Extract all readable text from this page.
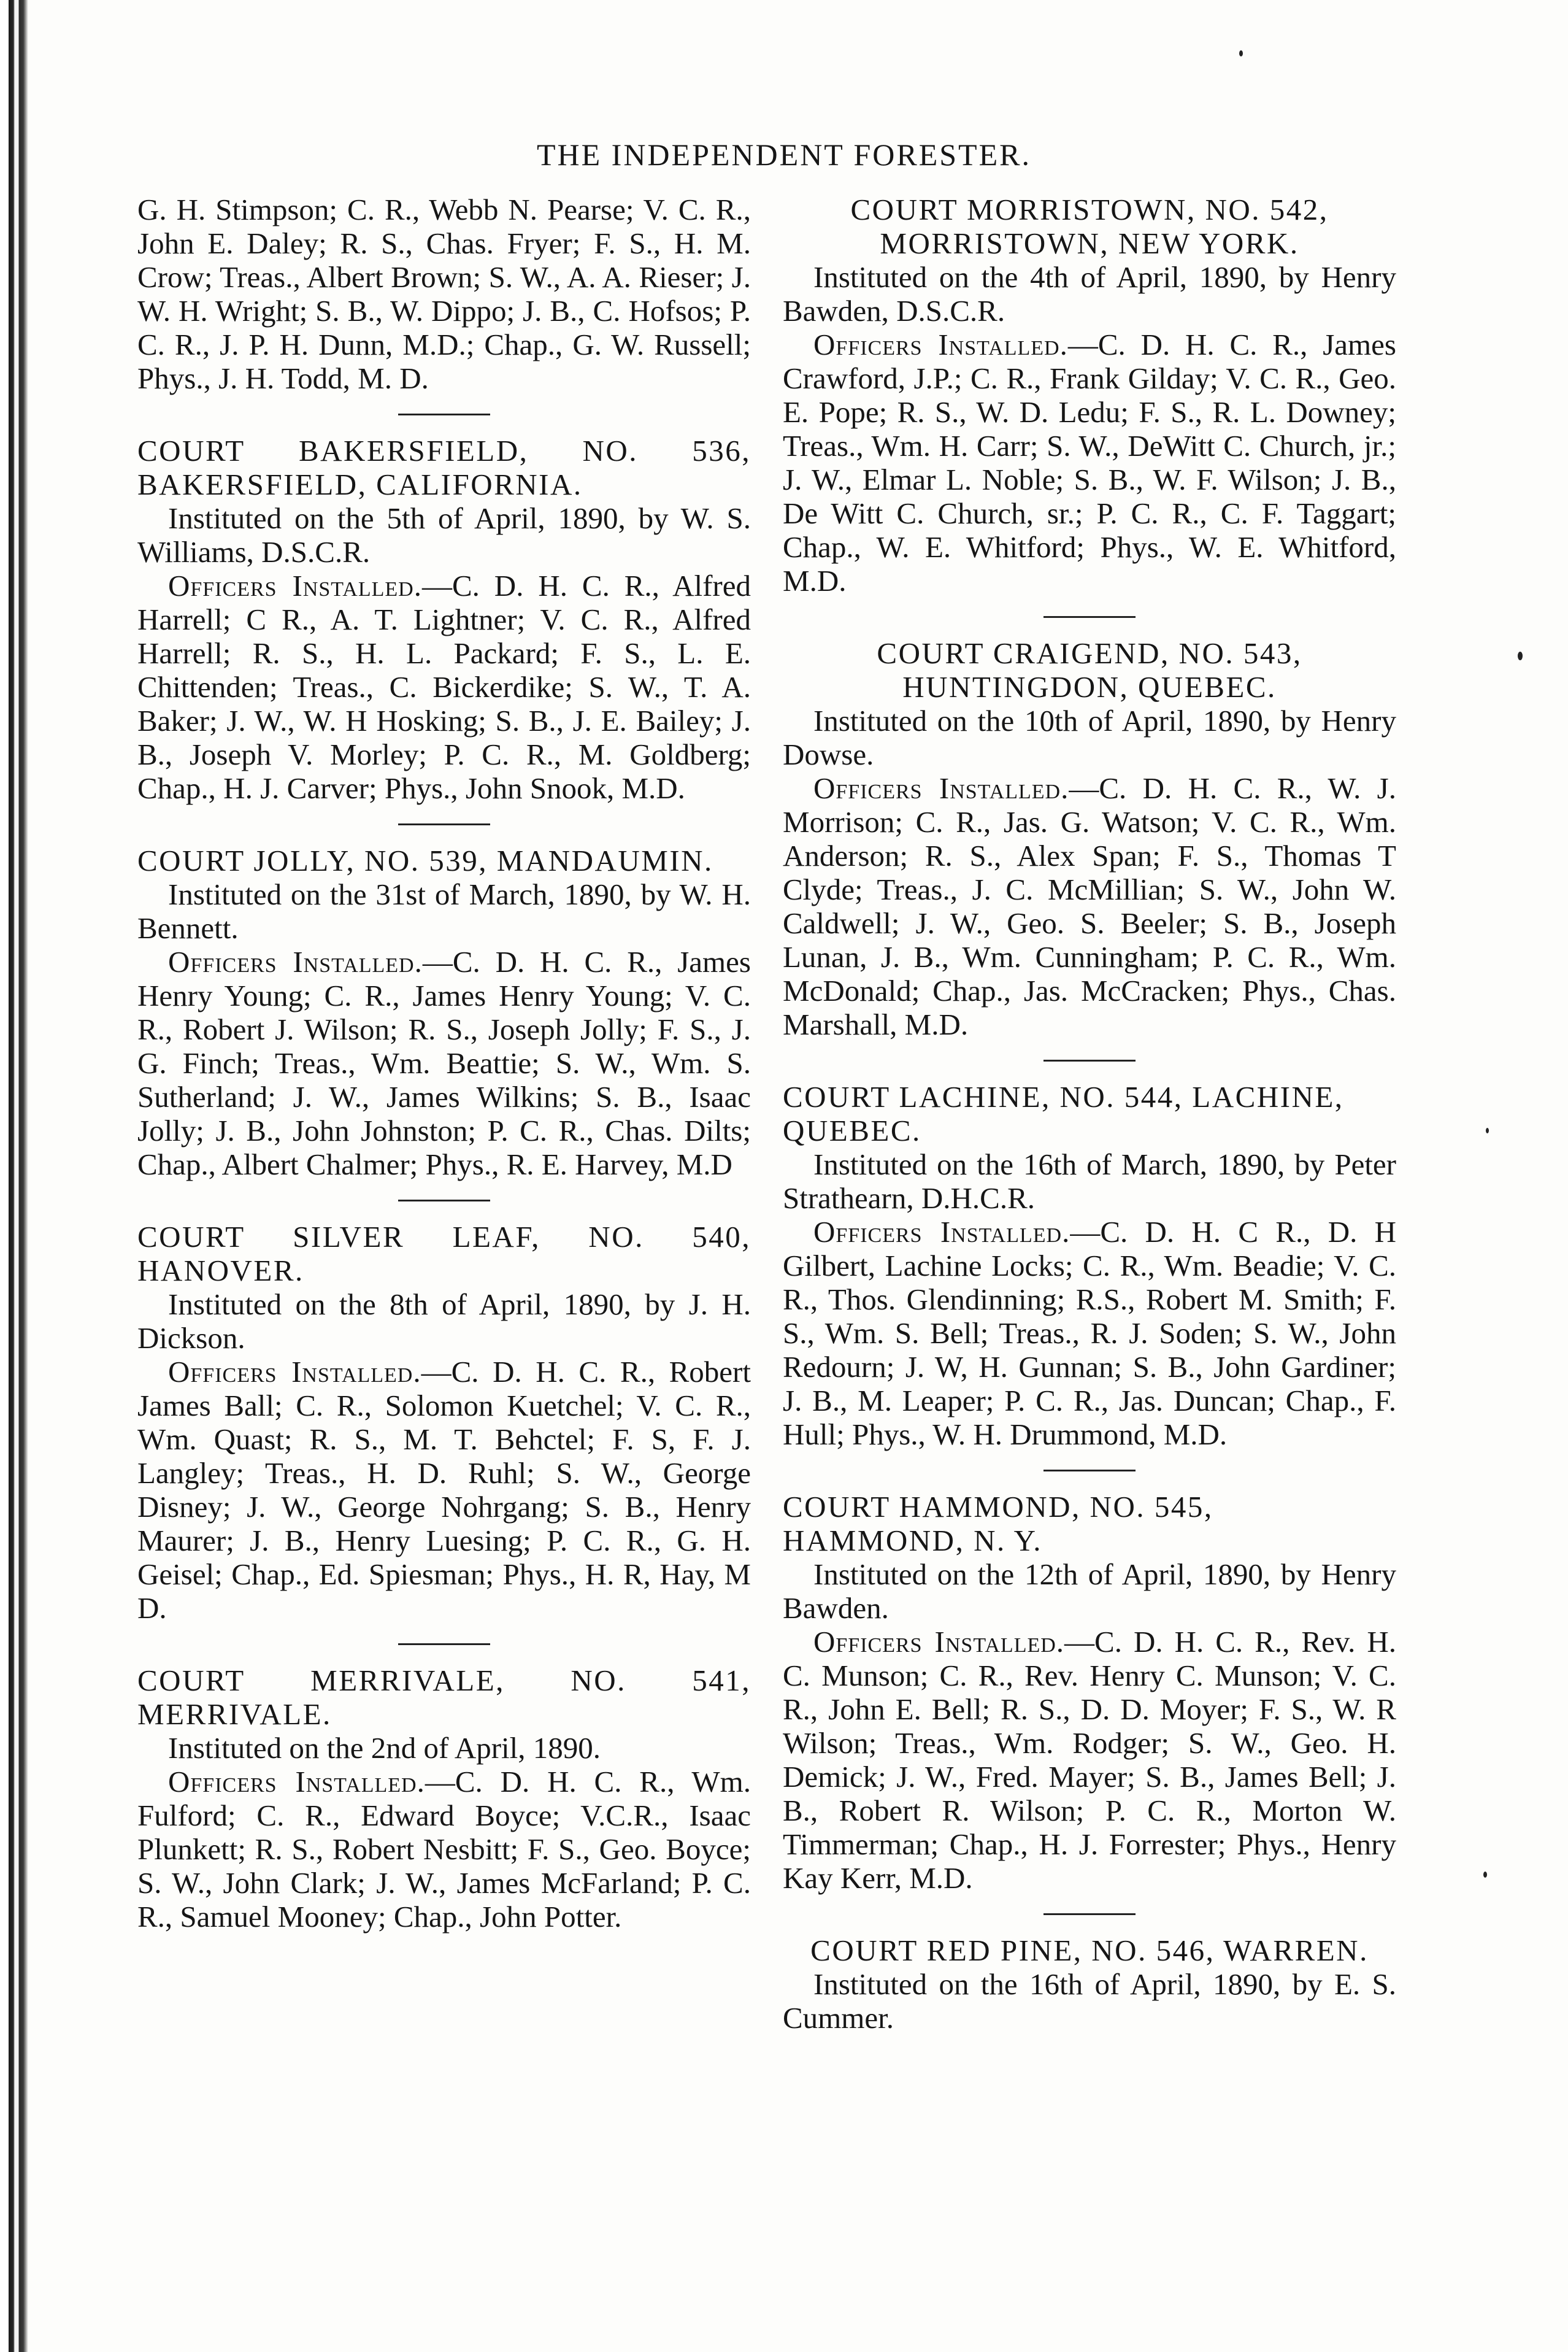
THE INDEPENDENT FORESTER.

G. H. Stimpson; C. R., Webb N. Pearse; V. C. R., John E. Daley; R. S., Chas. Fryer; F. S., H. M. Crow; Treas., Albert Brown; S. W., A. A. Rieser; J. W. H. Wright; S. B., W. Dippo; J. B., C. Hofsos; P. C. R., J. P. H. Dunn, M.D.; Chap., G. W. Russell; Phys., J. H. Todd, M. D.

COURT BAKERSFIELD, NO. 536, BAKERSFIELD, CALIFORNIA.

Instituted on the 5th of April, 1890, by W. S. Williams, D.S.C.R.

Officers Installed.—C. D. H. C. R., Alfred Harrell; C R., A. T. Lightner; V. C. R., Alfred Harrell; R. S., H. L. Packard; F. S., L. E. Chittenden; Treas., C. Bickerdike; S. W., T. A. Baker; J. W., W. H Hosking; S. B., J. E. Bailey; J. B., Joseph V. Morley; P. C. R., M. Goldberg; Chap., H. J. Carver; Phys., John Snook, M.D.

COURT JOLLY, NO. 539, MANDAUMIN.

Instituted on the 31st of March, 1890, by W. H. Bennett.

Officers Installed.—C. D. H. C. R., James Henry Young; C. R., James Henry Young; V. C. R., Robert J. Wilson; R. S., Joseph Jolly; F. S., J. G. Finch; Treas., Wm. Beattie; S. W., Wm. S. Sutherland; J. W., James Wilkins; S. B., Isaac Jolly; J. B., John Johnston; P. C. R., Chas. Dilts; Chap., Albert Chalmer; Phys., R. E. Harvey, M.D

COURT SILVER LEAF, NO. 540, HANOVER.

Instituted on the 8th of April, 1890, by J. H. Dickson.

Officers Installed.—C. D. H. C. R., Robert James Ball; C. R., Solomon Kuetchel; V. C. R., Wm. Quast; R. S., M. T. Behctel; F. S, F. J. Langley; Treas., H. D. Ruhl; S. W., George Disney; J. W., George Nohrgang; S. B., Henry Maurer; J. B., Henry Luesing; P. C. R., G. H. Geisel; Chap., Ed. Spiesman; Phys., H. R, Hay, M D.

COURT MERRIVALE, NO. 541, MERRIVALE.

Instituted on the 2nd of April, 1890.

Officers Installed.—C. D. H. C. R., Wm. Fulford; C. R., Edward Boyce; V.C.R., Isaac Plunkett; R. S., Robert Nesbitt; F. S., Geo. Boyce; S. W., John Clark; J. W., James McFarland; P. C. R., Samuel Mooney; Chap., John Potter.

COURT MORRISTOWN, NO. 542, MORRISTOWN, NEW YORK.

Instituted on the 4th of April, 1890, by Henry Bawden, D.S.C.R.

Officers Installed.—C. D. H. C. R., James Crawford, J.P.; C. R., Frank Gilday; V. C. R., Geo. E. Pope; R. S., W. D. Ledu; F. S., R. L. Downey; Treas., Wm. H. Carr; S. W., DeWitt C. Church, jr.; J. W., Elmar L. Noble; S. B., W. F. Wilson; J. B., De Witt C. Church, sr.; P. C. R., C. F. Taggart; Chap., W. E. Whitford; Phys., W. E. Whitford, M.D.

COURT CRAIGEND, NO. 543, HUNTINGDON, QUEBEC.

Instituted on the 10th of April, 1890, by Henry Dowse.

Officers Installed.—C. D. H. C. R., W. J. Morrison; C. R., Jas. G. Watson; V. C. R., Wm. Anderson; R. S., Alex Span; F. S., Thomas T Clyde; Treas., J. C. McMillian; S. W., John W. Caldwell; J. W., Geo. S. Beeler; S. B., Joseph Lunan, J. B., Wm. Cunningham; P. C. R., Wm. McDonald; Chap., Jas. McCracken; Phys., Chas. Marshall, M.D.

COURT LACHINE, NO. 544, LACHINE, QUEBEC.

Instituted on the 16th of March, 1890, by Peter Strathearn, D.H.C.R.

Officers Installed.—C. D. H. C R., D. H Gilbert, Lachine Locks; C. R., Wm. Beadie; V. C. R., Thos. Glendinning; R.S., Robert M. Smith; F. S., Wm. S. Bell; Treas., R. J. Soden; S. W., John Redourn; J. W, H. Gunnan; S. B., John Gardiner; J. B., M. Leaper; P. C. R., Jas. Duncan; Chap., F. Hull; Phys., W. H. Drummond, M.D.

COURT HAMMOND, NO. 545, HAMMOND, N. Y.

Instituted on the 12th of April, 1890, by Henry Bawden.

Officers Installed.—C. D. H. C. R., Rev. H. C. Munson; C. R., Rev. Henry C. Munson; V. C. R., John E. Bell; R. S., D. D. Moyer; F. S., W. R Wilson; Treas., Wm. Rodger; S. W., Geo. H. Demick; J. W., Fred. Mayer; S. B., James Bell; J. B., Robert R. Wilson; P. C. R., Morton W. Timmerman; Chap., H. J. Forrester; Phys., Henry Kay Kerr, M.D.

COURT RED PINE, NO. 546, WARREN.

Instituted on the 16th of April, 1890, by E. S. Cummer.
